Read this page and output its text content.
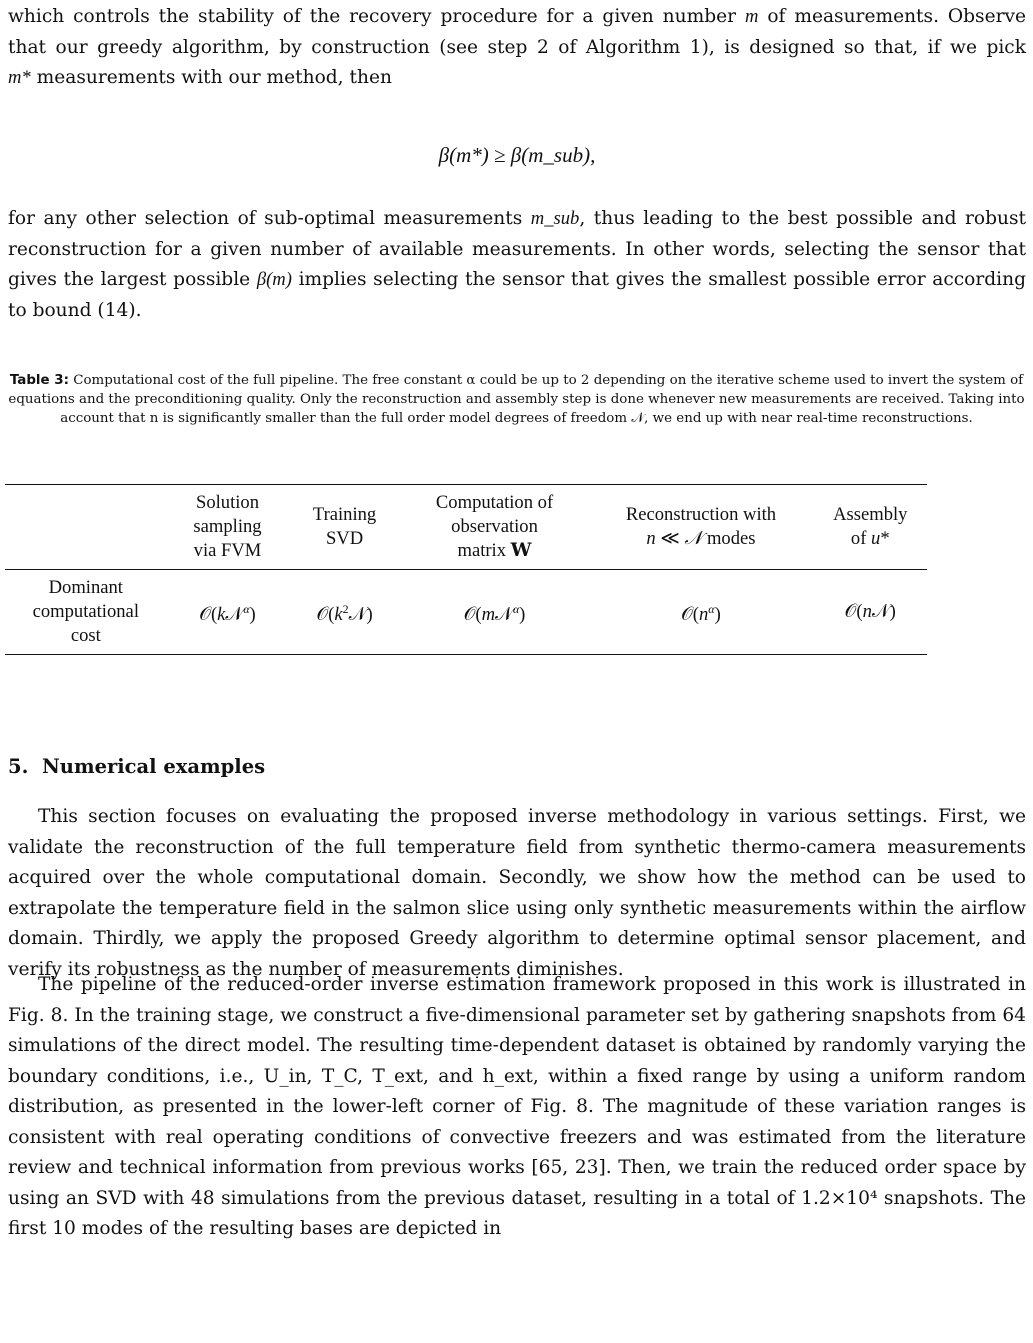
which controls the stability of the recovery procedure for a given number m of measurements. Observe

that our greedy algorithm, by construction (see step 2 of Algorithm 1), is designed so that, if we pick

m* measurements with our method, then

β(m*) ≥ β(m_sub),

for any other selection of sub-optimal measurements m_sub, thus leading to the best possible and robust reconstruction for a given number of available measurements. In other words, selecting the sensor that gives the largest possible β(m) implies selecting the sensor that gives the smallest possible error according to bound (14).

Table 3: Computational cost of the full pipeline. The free constant α could be up to 2 depending on the iterative scheme used to invert the system of equations and the preconditioning quality. Only the reconstruction and assembly step is done whenever new measurements are received. Taking into account that n is significantly smaller than the full order model degrees of freedom 𝒩, we end up with near real-time reconstructions.

	Solution
sampling
via FVM	Training
SVD	Computation of
observation
matrix W	Reconstruction with
n ≪ 𝒩 modes	Assembly
of u*
Dominant
computational
cost	𝒪(k𝒩$^\alpha$)	$𝒪(k^2𝒩)$	𝒪(m𝒩$^\alpha$)	$𝒪(n^\alpha)$	𝒪(n𝒩)

5. Numerical examples

This section focuses on evaluating the proposed inverse methodology in various settings. First, we validate the reconstruction of the full temperature field from synthetic thermo-camera measurements acquired over the whole computational domain. Secondly, we show how the method can be used to extrapolate the temperature field in the salmon slice using only synthetic measurements within the airflow domain. Thirdly, we apply the proposed Greedy algorithm to determine optimal sensor placement, and verify its robustness as the number of measurements diminishes.

The pipeline of the reduced-order inverse estimation framework proposed in this work is illustrated in Fig. 8. In the training stage, we construct a five-dimensional parameter set by gathering snapshots from 64 simulations of the direct model. The resulting time-dependent dataset is obtained by randomly varying the boundary conditions, i.e., U_in, T_C, T_ext, and h_ext, within a fixed range by using a uniform random distribution, as presented in the lower-left corner of Fig. 8. The magnitude of these variation ranges is consistent with real operating conditions of convective freezers and was estimated from the literature review and technical information from previous works [65, 23]. Then, we train the reduced order space by using an SVD with 48 simulations from the previous dataset, resulting in a total of 1.2×10⁴ snapshots. The first 10 modes of the resulting bases are depicted in
